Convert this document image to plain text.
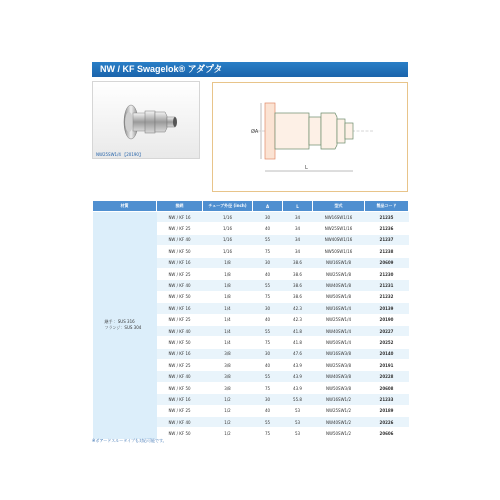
NW / KF Swagelok® アダプタ
NW25SW1/4 【20190】
ØA
L
材質	接続	チューブ外径 (inch)	A	L	型式	製品コード

継手 ：SUS 316
フランジ：SUS 304	NW / KF 16	1/16	30	34	NW16SW1/16	21235
	NW / KF 25	1/16	40	34	NW25SW1/16	21236
	NW / KF 40	1/16	55	34	NW40SW1/16	21237
	NW / KF 50	1/16	75	34	NW50SW1/16	21238
	NW / KF 16	1/8	30	38.6	NW16SW1/8	20609
	NW / KF 25	1/8	40	38.6	NW25SW1/8	21230
	NW / KF 40	1/8	55	38.6	NW40SW1/8	21231
	NW / KF 50	1/8	75	38.6	NW50SW1/8	21232
	NW / KF 16	1/4	30	42.3	NW16SW1/4	20139
	NW / KF 25	1/4	40	42.3	NW25SW1/4	20190
	NW / KF 40	1/4	55	41.8	NW40SW1/4	20227
	NW / KF 50	1/4	75	41.8	NW50SW1/4	20252
	NW / KF 16	3/8	30	47.6	NW16SW3/8	20140
	NW / KF 25	3/8	40	43.9	NW25SW3/8	20191
	NW / KF 40	3/8	55	43.9	NW40SW3/8	20228
	NW / KF 50	3/8	75	43.9	NW50SW3/8	20608
	NW / KF 16	1/2	30	55.8	NW16SW1/2	21233
	NW / KF 25	1/2	40	53	NW25SW1/2	20189
	NW / KF 40	1/2	55	53	NW40SW1/2	20226
	NW / KF 50	1/2	75	53	NW50SW1/2	20606
※ボアードスルータイプも対応可能です。
